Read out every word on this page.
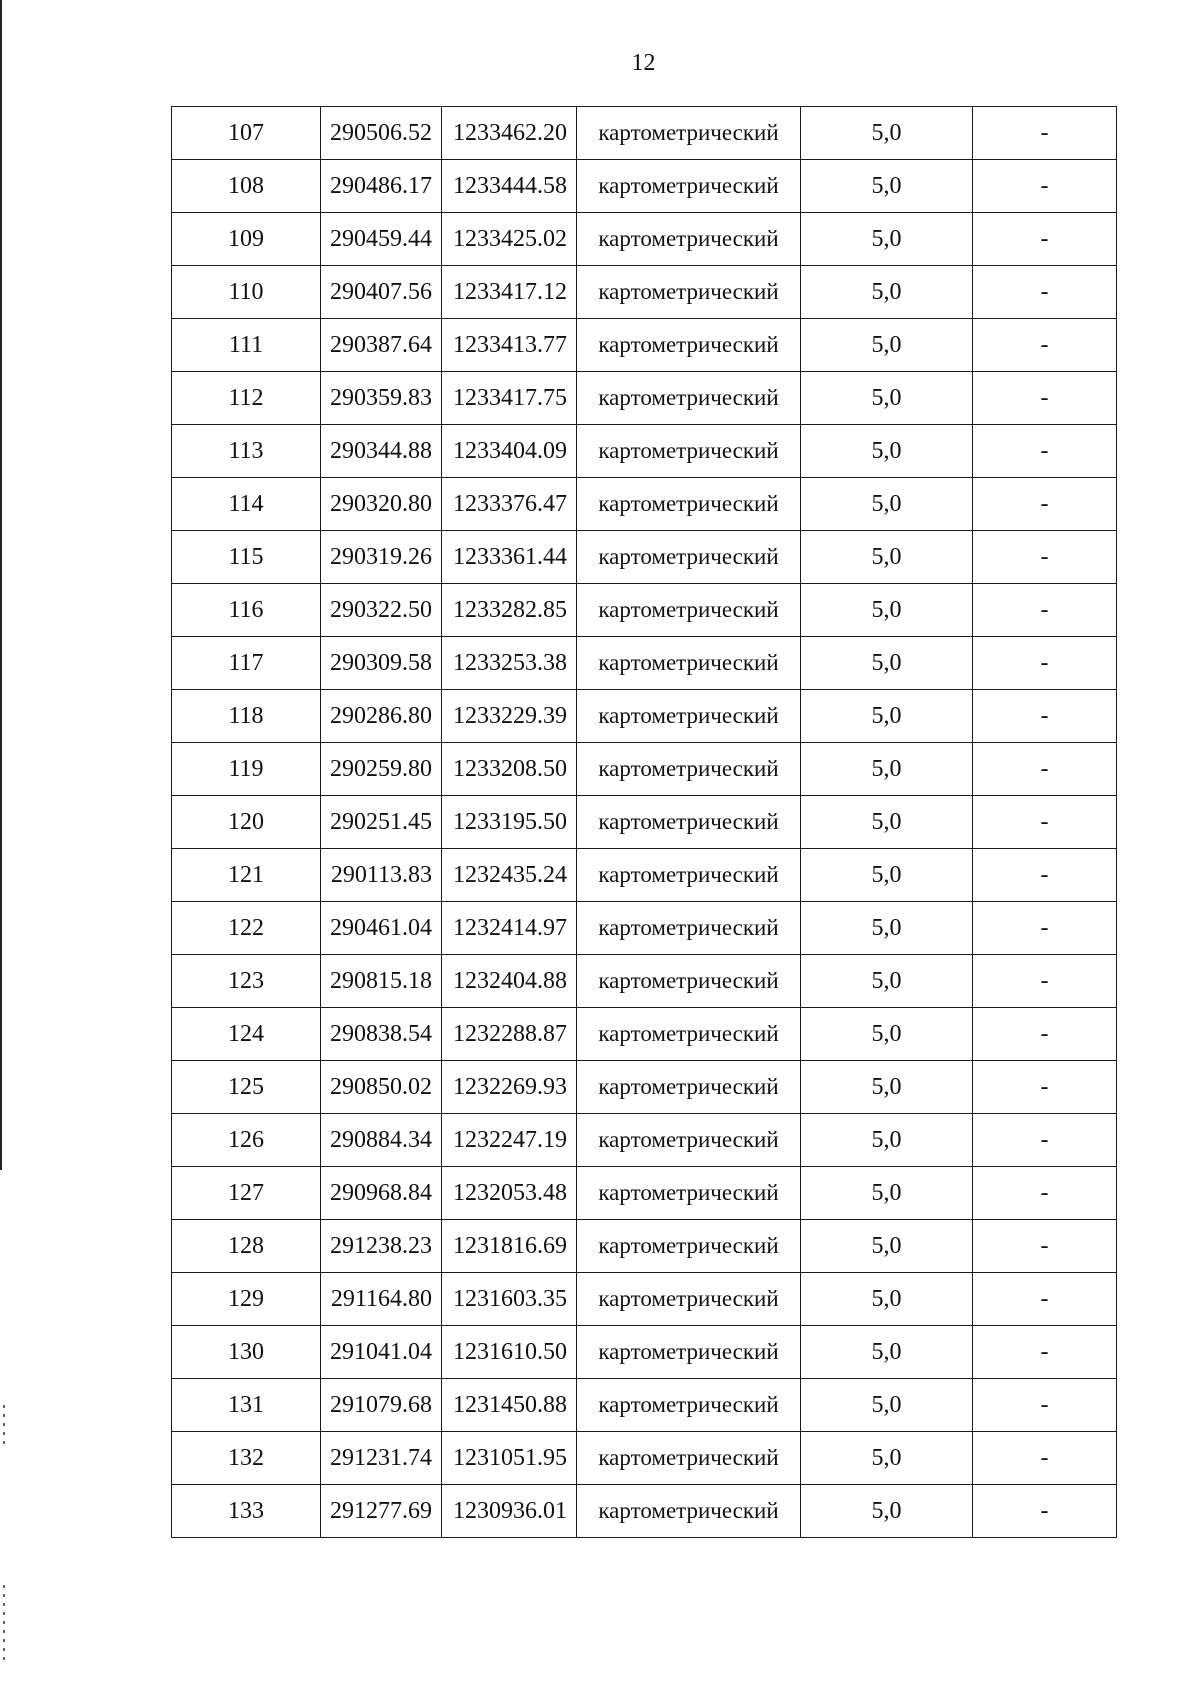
12
107	290506.52	1233462.20	картометрический	5,0	-
108	290486.17	1233444.58	картометрический	5,0	-
109	290459.44	1233425.02	картометрический	5,0	-
110	290407.56	1233417.12	картометрический	5,0	-
111	290387.64	1233413.77	картометрический	5,0	-
112	290359.83	1233417.75	картометрический	5,0	-
113	290344.88	1233404.09	картометрический	5,0	-
114	290320.80	1233376.47	картометрический	5,0	-
115	290319.26	1233361.44	картометрический	5,0	-
116	290322.50	1233282.85	картометрический	5,0	-
117	290309.58	1233253.38	картометрический	5,0	-
118	290286.80	1233229.39	картометрический	5,0	-
119	290259.80	1233208.50	картометрический	5,0	-
120	290251.45	1233195.50	картометрический	5,0	-
121	290113.83	1232435.24	картометрический	5,0	-
122	290461.04	1232414.97	картометрический	5,0	-
123	290815.18	1232404.88	картометрический	5,0	-
124	290838.54	1232288.87	картометрический	5,0	-
125	290850.02	1232269.93	картометрический	5,0	-
126	290884.34	1232247.19	картометрический	5,0	-
127	290968.84	1232053.48	картометрический	5,0	-
128	291238.23	1231816.69	картометрический	5,0	-
129	291164.80	1231603.35	картометрический	5,0	-
130	291041.04	1231610.50	картометрический	5,0	-
131	291079.68	1231450.88	картометрический	5,0	-
132	291231.74	1231051.95	картометрический	5,0	-
133	291277.69	1230936.01	картометрический	5,0	-
